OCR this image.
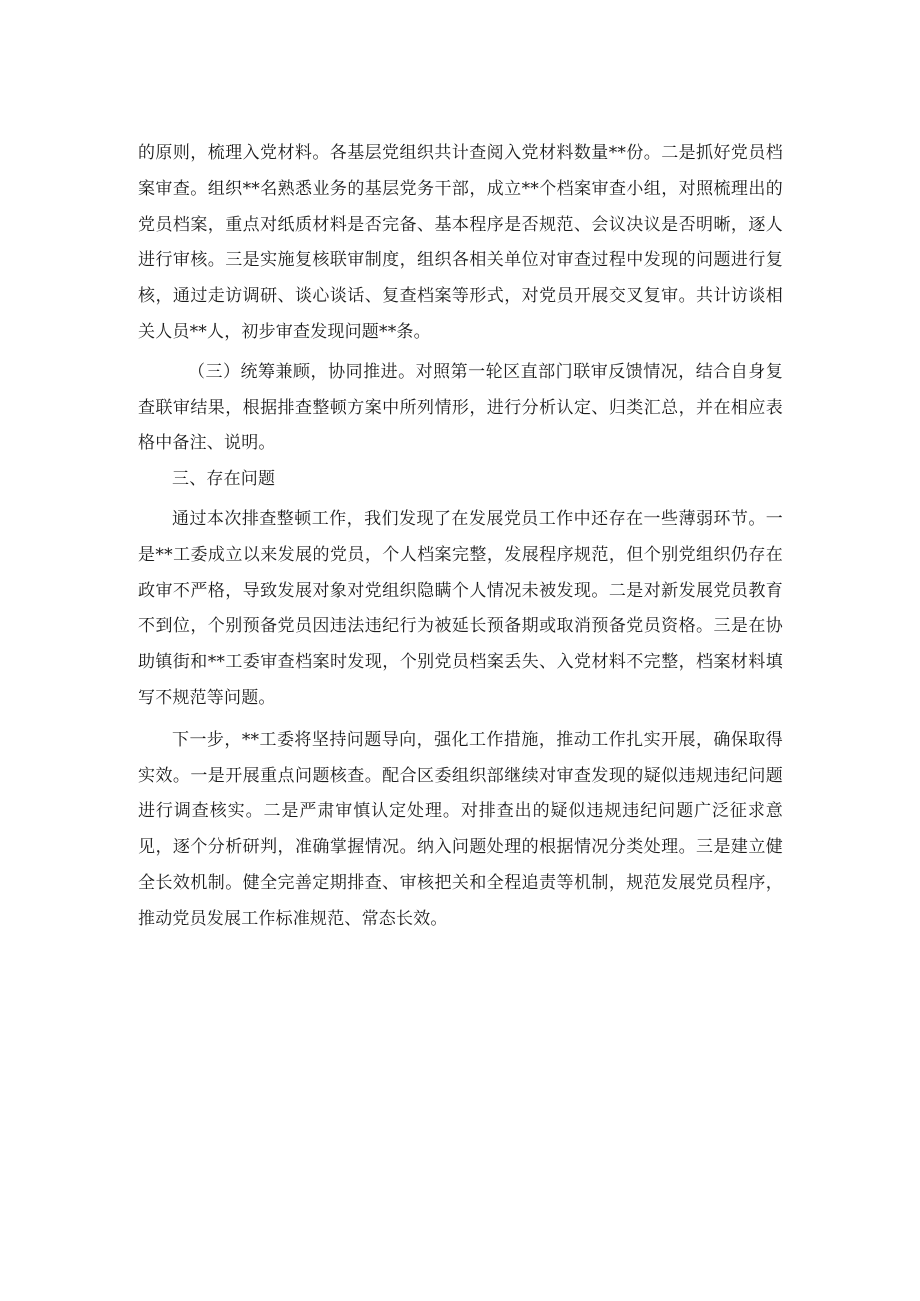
的原则，梳理入党材料。各基层党组织共计查阅入党材料数量**份。二是抓好党员档案审查。组织**名熟悉业务的基层党务干部，成立**个档案审查小组，对照梳理出的党员档案，重点对纸质材料是否完备、基本程序是否规范、会议决议是否明晰，逐人进行审核。三是实施复核联审制度，组织各相关单位对审查过程中发现的问题进行复核，通过走访调研、谈心谈话、复查档案等形式，对党员开展交叉复审。共计访谈相关人员**人，初步审查发现问题**条。

（三）统筹兼顾，协同推进。对照第一轮区直部门联审反馈情况，结合自身复查联审结果，根据排查整顿方案中所列情形，进行分析认定、归类汇总，并在相应表格中备注、说明。

三、存在问题

通过本次排查整顿工作，我们发现了在发展党员工作中还存在一些薄弱环节。一是**工委成立以来发展的党员，个人档案完整，发展程序规范，但个别党组织仍存在政审不严格，导致发展对象对党组织隐瞒个人情况未被发现。二是对新发展党员教育不到位，个别预备党员因违法违纪行为被延长预备期或取消预备党员资格。三是在协助镇街和**工委审查档案时发现，个别党员档案丢失、入党材料不完整，档案材料填写不规范等问题。

下一步，**工委将坚持问题导向，强化工作措施，推动工作扎实开展，确保取得实效。一是开展重点问题核查。配合区委组织部继续对审查发现的疑似违规违纪问题进行调查核实。二是严肃审慎认定处理。对排查出的疑似违规违纪问题广泛征求意见，逐个分析研判，准确掌握情况。纳入问题处理的根据情况分类处理。三是建立健全长效机制。健全完善定期排查、审核把关和全程追责等机制，规范发展党员程序，推动党员发展工作标准规范、常态长效。
